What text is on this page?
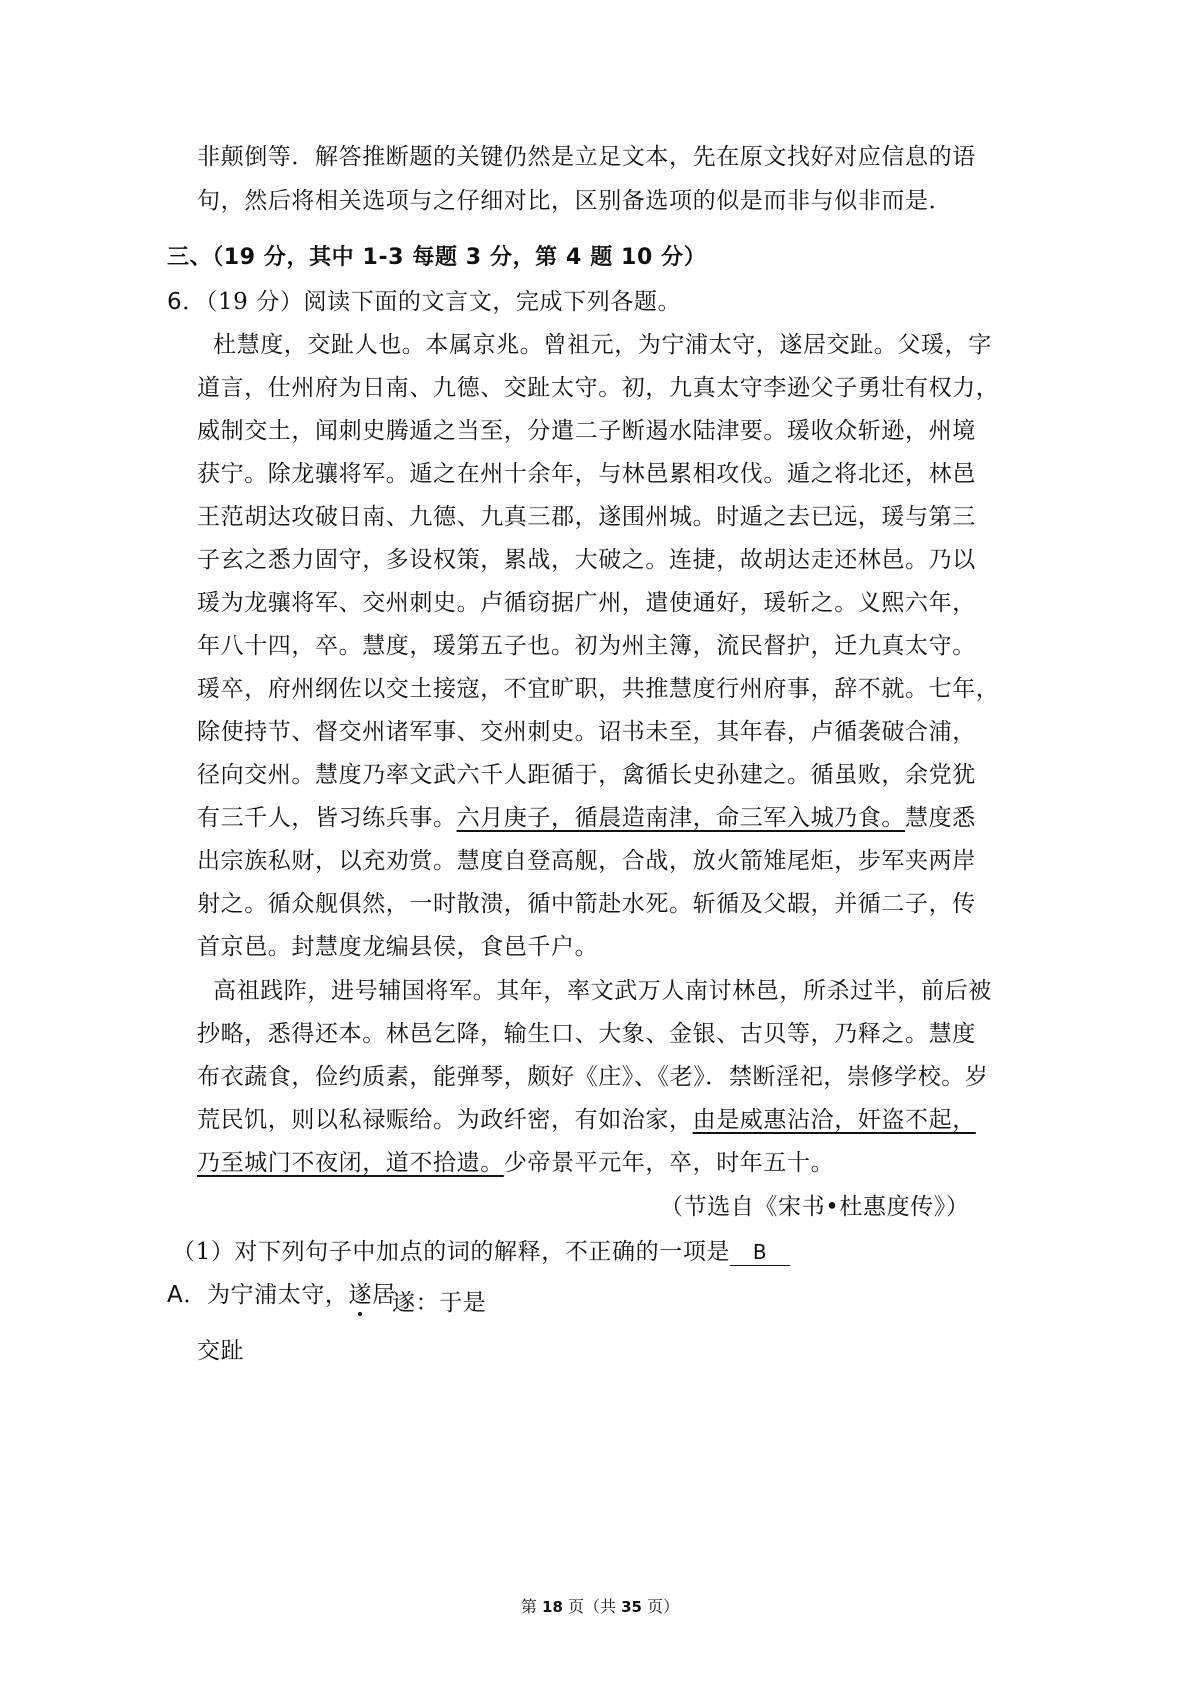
非颠倒等．解答推断题的关键仍然是立足文本，先在原文找好对应信息的语
句，然后将相关选项与之仔细对比，区别备选项的似是而非与似非而是．
三、（19 分，其中 1-3 每题 3 分，第 4 题 10 分）
6．（19 分）阅读下面的文言文，完成下列各题。
杜慧度，交趾人也。本属京兆。曾祖元，为宁浦太守，遂居交趾。父瑗，字
道言，仕州府为日南、九德、交趾太守。初，九真太守李逊父子勇壮有权力，
威制交土，闻刺史腾遁之当至，分遣二子断遏水陆津要。瑗收众斩逊，州境
获宁。除龙骧将军。遁之在州十余年，与林邑累相攻伐。遁之将北还，林邑
王范胡达攻破日南、九德、九真三郡，遂围州城。时遁之去已远，瑗与第三
子玄之悉力固守，多设权策，累战，大破之。连捷，故胡达走还林邑。乃以
瑗为龙骧将军、交州刺史。卢循窃据广州，遣使通好，瑗斩之。义熙六年，
年八十四，卒。慧度，瑗第五子也。初为州主簿，流民督护，迁九真太守。
瑗卒，府州纲佐以交土接寇，不宜旷职，共推慧度行州府事，辞不就。七年，
除使持节、督交州诸军事、交州刺史。诏书未至，其年春，卢循袭破合浦，
径向交州。慧度乃率文武六千人距循于，禽循长史孙建之。循虽败，余党犹
有三千人，皆习练兵事。六月庚子，循晨造南津，命三军入城乃食。慧度悉
出宗族私财，以充劝赏。慧度自登高舰，合战，放火箭雉尾炬，步军夹两岸
射之。循众舰俱然，一时散溃，循中箭赴水死。斩循及父嘏，并循二子，传
首京邑。封慧度龙编县侯，食邑千户。
高祖践阼，进号辅国将军。其年，率文武万人南讨林邑，所杀过半，前后被
抄略，悉得还本。林邑乞降，输生口、大象、金银、古贝等，乃释之。慧度
布衣蔬食，俭约质素，能弹琴，颇好《庄》、《老》．禁断淫祀，崇修学校。岁
荒民饥，则以私禄赈给。为政纤密，有如治家，由是威惠沾洽，奸盗不起，
乃至城门不夜闭，道不拾遗。少帝景平元年，卒，时年五十。
（节选自《宋书•杜惠度传》）
（1）对下列句子中加点的词的解释，不正确的一项是 B
A．为宁浦太守，遂居
遂：于是
交趾
第 18 页（共 35 页）
